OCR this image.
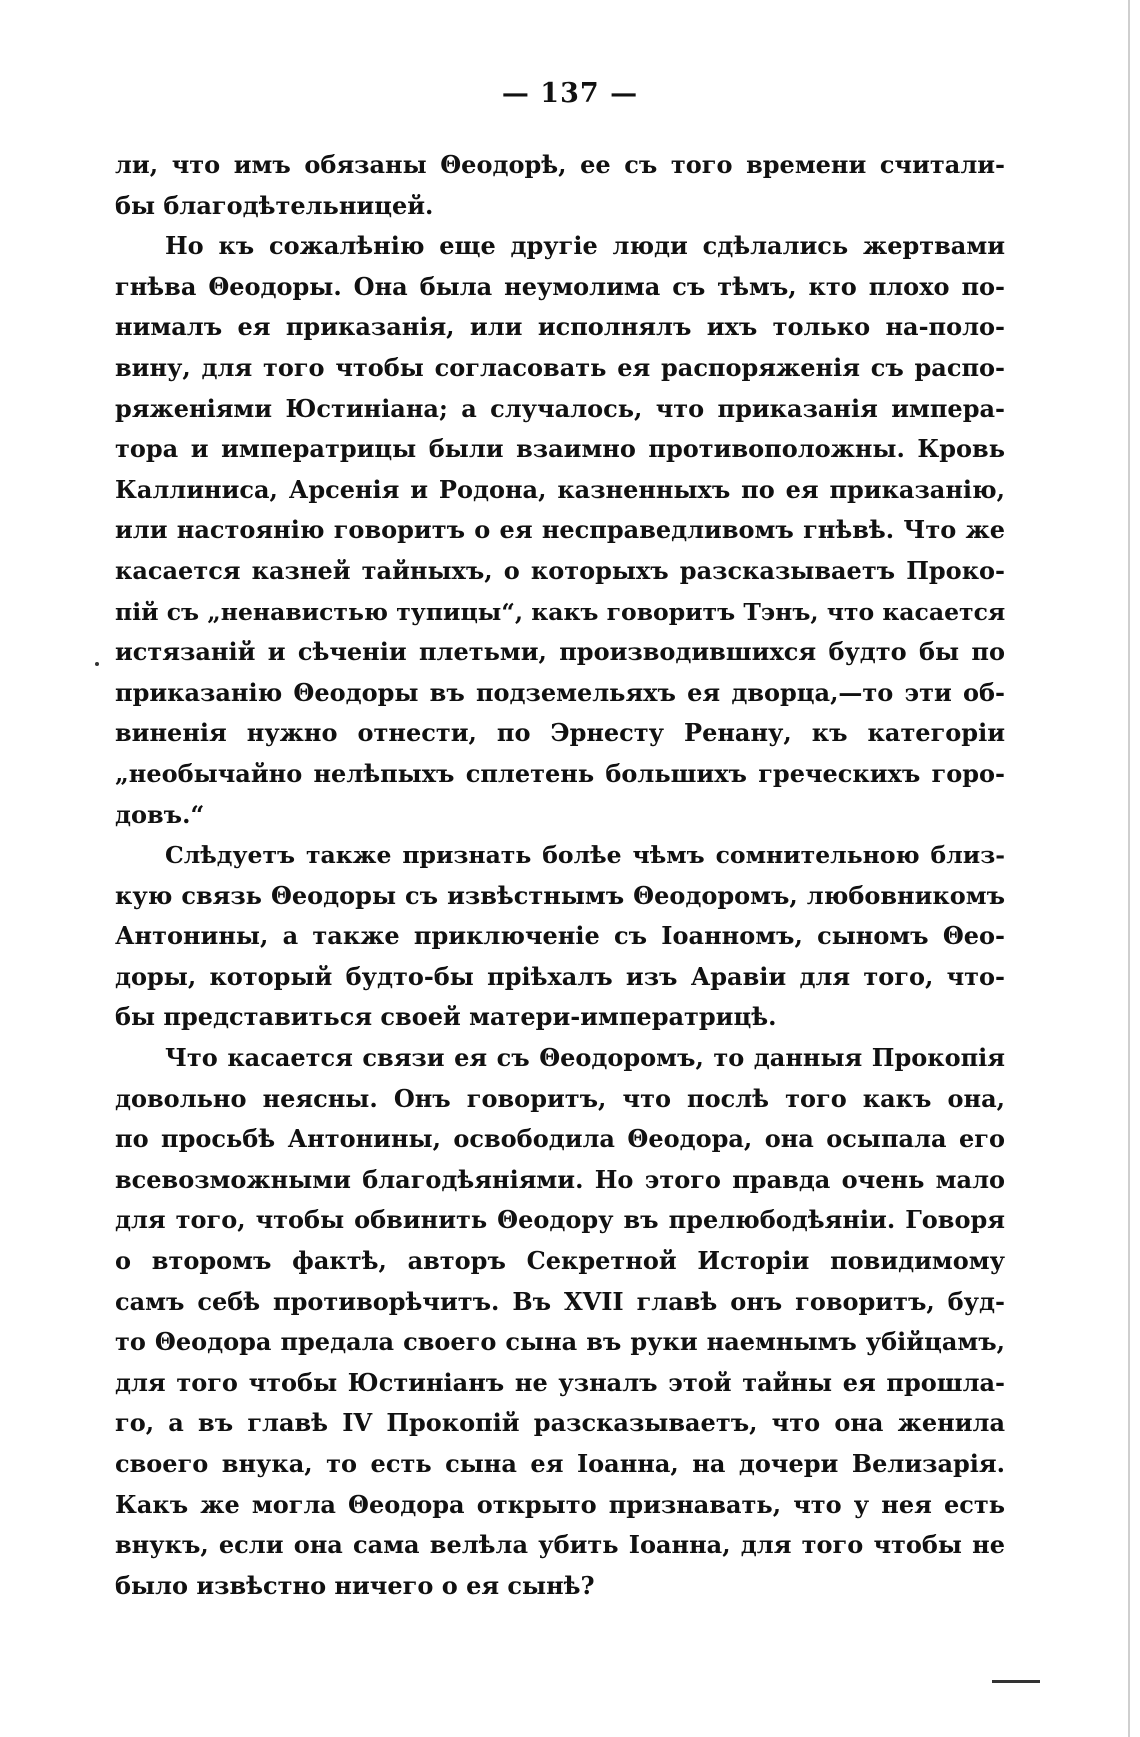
— 137 —
ли, что имъ обязаны Θеодорѣ, ее съ того времени считали-
бы благодѣтельницей.
Но къ сожалѣнію еще другіе люди сдѣлались жертвами
гнѣва Θеодоры. Она была неумолима съ тѣмъ, кто плохо по-
нималъ ея приказанія, или исполнялъ ихъ только на-поло-
вину, для того чтобы согласовать ея распоряженія съ распо-
ряженіями Юстиніана; а случалось, что приказанія импера-
тора и императрицы были взаимно противоположны. Кровь
Каллиниса, Арсенія и Родона, казненныхъ по ея приказанію,
или настоянію говоритъ о ея несправедливомъ гнѣвѣ. Что же
касается казней тайныхъ, о которыхъ разсказываетъ Проко-
пій съ „ненавистью тупицы“, какъ говоритъ Тэнъ, что касается
истязаній и сѣченіи плетьми, производившихся будто бы по
приказанію Θеодоры въ подземельяхъ ея дворца,—то эти об-
виненія нужно отнести, по Эрнесту Ренану, къ категоріи
„необычайно нелѣпыхъ сплетень большихъ греческихъ горо-
довъ.“
Слѣдуетъ также признать болѣе чѣмъ сомнительною близ-
кую связь Θеодоры съ извѣстнымъ Θеодоромъ, любовникомъ
Антонины, а также приключеніе съ Іоанномъ, сыномъ Θео-
доры, который будто-бы пріѣхалъ изъ Аравіи для того, что-
бы представиться своей матери-императрицѣ.
Что касается связи ея съ Θеодоромъ, то данныя Прокопія
довольно неясны. Онъ говоритъ, что послѣ того какъ она,
по просьбѣ Антонины, освободила Θеодора, она осыпала его
всевозможными благодѣяніями. Но этого правда очень мало
для того, чтобы обвинить Θеодору въ прелюбодѣяніи. Говоря
о второмъ фактѣ, авторъ Секретной Исторіи повидимому
самъ себѣ противорѣчитъ. Въ XVII главѣ онъ говоритъ, буд-
то Θеодора предала своего сына въ руки наемнымъ убійцамъ,
для того чтобы Юстиніанъ не узналъ этой тайны ея прошла-
го, а въ главѣ IV Прокопій разсказываетъ, что она женила
своего внука, то есть сына ея Іоанна, на дочери Велизарія.
Какъ же могла Θеодора открыто признавать, что у нея есть
внукъ, если она сама велѣла убить Іоанна, для того чтобы не
было извѣстно ничего о ея сынѣ?
